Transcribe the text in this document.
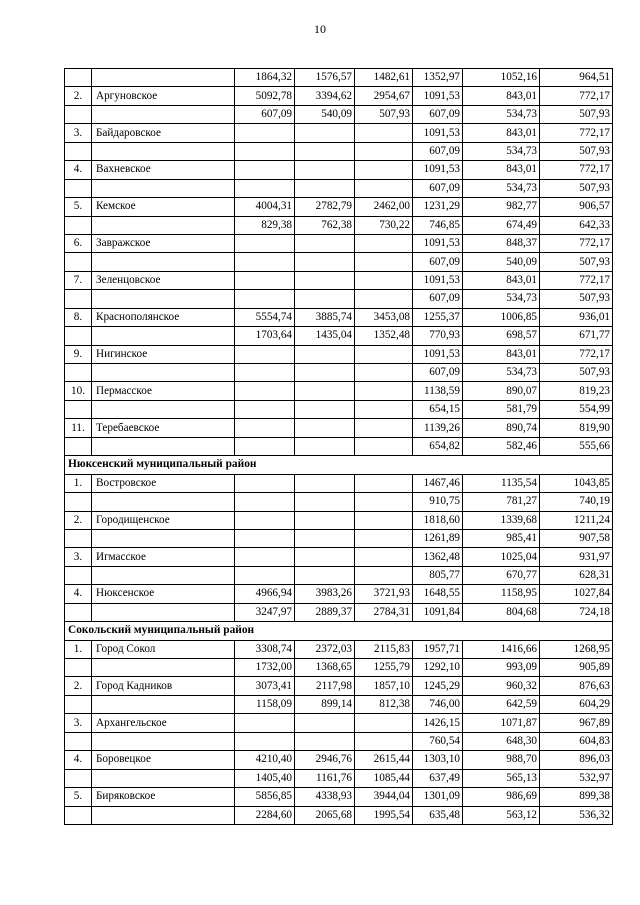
10
		1864,32	1576,57	1482,61	1352,97	1052,16	964,51
2.	Аргуновское	5092,78	3394,62	2954,67	1091,53	843,01	772,17
		607,09	540,09	507,93	607,09	534,73	507,93
3.	Байдаровское				1091,53	843,01	772,17
					607,09	534,73	507,93
4.	Вахневское				1091,53	843,01	772,17
					607,09	534,73	507,93
5.	Кемское	4004,31	2782,79	2462,00	1231,29	982,77	906,57
		829,38	762,38	730,22	746,85	674,49	642,33
6.	Завражское				1091,53	848,37	772,17
					607,09	540,09	507,93
7.	Зеленцовское				1091,53	843,01	772,17
					607,09	534,73	507,93
8.	Краснополянское	5554,74	3885,74	3453,08	1255,37	1006,85	936,01
		1703,64	1435,04	1352,48	770,93	698,57	671,77
9.	Нигинское				1091,53	843,01	772,17
					607,09	534,73	507,93
10.	Пермасское				1138,59	890,07	819,23
					654,15	581,79	554,99
11.	Теребаевское				1139,26	890,74	819,90
					654,82	582,46	555,66
Нюксенский муниципальный район							
1.	Востровское				1467,46	1135,54	1043,85
					910,75	781,27	740,19
2.	Городищенское				1818,60	1339,68	1211,24
					1261,89	985,41	907,58
3.	Игмасское				1362,48	1025,04	931,97
					805,77	670,77	628,31
4.	Нюксенское	4966,94	3983,26	3721,93	1648,55	1158,95	1027,84
		3247,97	2889,37	2784,31	1091,84	804,68	724,18
Сокольский муниципальный район							
1.	Город Сокол	3308,74	2372,03	2115,83	1957,71	1416,66	1268,95
		1732,00	1368,65	1255,79	1292,10	993,09	905,89
2.	Город Кадников	3073,41	2117,98	1857,10	1245,29	960,32	876,63
		1158,09	899,14	812,38	746,00	642,59	604,29
3.	Архангельское				1426,15	1071,87	967,89
					760,54	648,30	604,83
4.	Боровецкое	4210,40	2946,76	2615,44	1303,10	988,70	896,03
		1405,40	1161,76	1085,44	637,49	565,13	532,97
5.	Биряковское	5856,85	4338,93	3944,04	1301,09	986,69	899,38
		2284,60	2065,68	1995,54	635,48	563,12	536,32
